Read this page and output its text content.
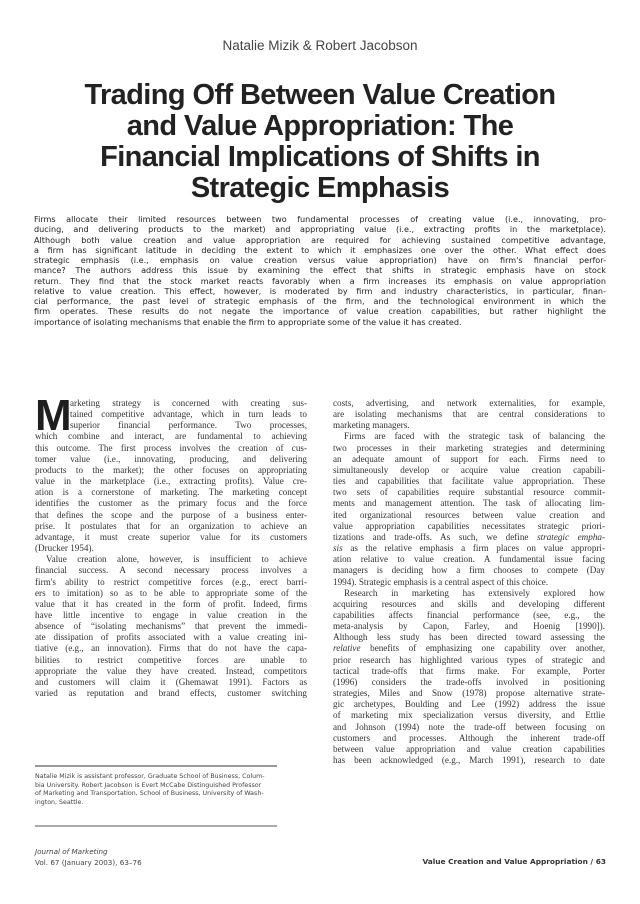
Natalie Mizik & Robert Jacobson
Trading Off Between Value Creation
and Value Appropriation: The
Financial Implications of Shifts in
Strategic Emphasis
Firms allocate their limited resources between two fundamental processes of creating value (i.e., innovating, pro-
ducing, and delivering products to the market) and appropriating value (i.e., extracting profits in the marketplace).
Although both value creation and value appropriation are required for achieving sustained competitive advantage,
a firm has significant latitude in deciding the extent to which it emphasizes one over the other. What effect does
strategic emphasis (i.e., emphasis on value creation versus value appropriation) have on firm's financial perfor-
mance? The authors address this issue by examining the effect that shifts in strategic emphasis have on stock
return. They find that the stock market reacts favorably when a firm increases its emphasis on value appropriation
relative to value creation. This effect, however, is moderated by firm and industry characteristics, in particular, finan-
cial performance, the past level of strategic emphasis of the firm, and the technological environment in which the
firm operates. These results do not negate the importance of value creation capabilities, but rather highlight the
importance of isolating mechanisms that enable the firm to appropriate some of the value it has created.
M
arketing strategy is concerned with creating sus-
tained competitive advantage, which in turn leads to
superior financial performance. Two processes,
which combine and interact, are fundamental to achieving
this outcome. The first process involves the creation of cus-
tomer value (i.e., innovating, producing, and delivering
products to the market); the other focuses on appropriating
value in the marketplace (i.e., extracting profits). Value cre-
ation is a cornerstone of marketing. The marketing concept
identifies the customer as the primary focus and the force
that defines the scope and the purpose of a business enter-
prise. It postulates that for an organization to achieve an
advantage, it must create superior value for its customers
(Drucker 1954).
Value creation alone, however, is insufficient to achieve
financial success. A second necessary process involves a
firm's ability to restrict competitive forces (e.g., erect barri-
ers to imitation) so as to be able to appropriate some of the
value that it has created in the form of profit. Indeed, firms
have little incentive to engage in value creation in the
absence of “isolating mechanisms” that prevent the immedi-
ate dissipation of profits associated with a value creating ini-
tiative (e.g., an innovation). Firms that do not have the capa-
bilities to restrict competitive forces are unable to
appropriate the value they have created. Instead, competitors
and customers will claim it (Ghemawat 1991). Factors as
varied as reputation and brand effects, customer switching
costs, advertising, and network externalities, for example,
are isolating mechanisms that are central considerations to
marketing managers.
Firms are faced with the strategic task of balancing the
two processes in their marketing strategies and determining
an adequate amount of support for each. Firms need to
simultaneously develop or acquire value creation capabili-
ties and capabilities that facilitate value appropriation. These
two sets of capabilities require substantial resource commit-
ments and management attention. The task of allocating lim-
ited organizational resources between value creation and
value appropriation capabilities necessitates strategic priori-
tizations and trade-offs. As such, we define strategic empha-
sis as the relative emphasis a firm places on value appropri-
ation relative to value creation. A fundamental issue facing
managers is deciding how a firm chooses to compete (Day
1994). Strategic emphasis is a central aspect of this choice.
Research in marketing has extensively explored how
acquiring resources and skills and developing different
capabilities affects financial performance (see, e.g., the
meta-analysis by Capon, Farley, and Hoenig [1990]).
Although less study has been directed toward assessing the
relative benefits of emphasizing one capability over another,
prior research has highlighted various types of strategic and
tactical trade-offs that firms make. For example, Porter
(1996) considers the trade-offs involved in positioning
strategies, Miles and Snow (1978) propose alternative strate-
gic archetypes, Boulding and Lee (1992) address the issue
of marketing mix specialization versus diversity, and Ettlie
and Johnson (1994) note the trade-off between focusing on
customers and processes. Although the inherent trade-off
between value appropriation and value creation capabilities
has been acknowledged (e.g., March 1991), research to date
Natalie Mizik is assistant professor, Graduate School of Business, Colum-
bia University. Robert Jacobson is Evert McCabe Distinguished Professor
of Marketing and Transportation, School of Business, University of Wash-
ington, Seattle.
Journal of Marketing
Vol. 67 (January 2003), 63–76	Value Creation and Value Appropriation / 63
